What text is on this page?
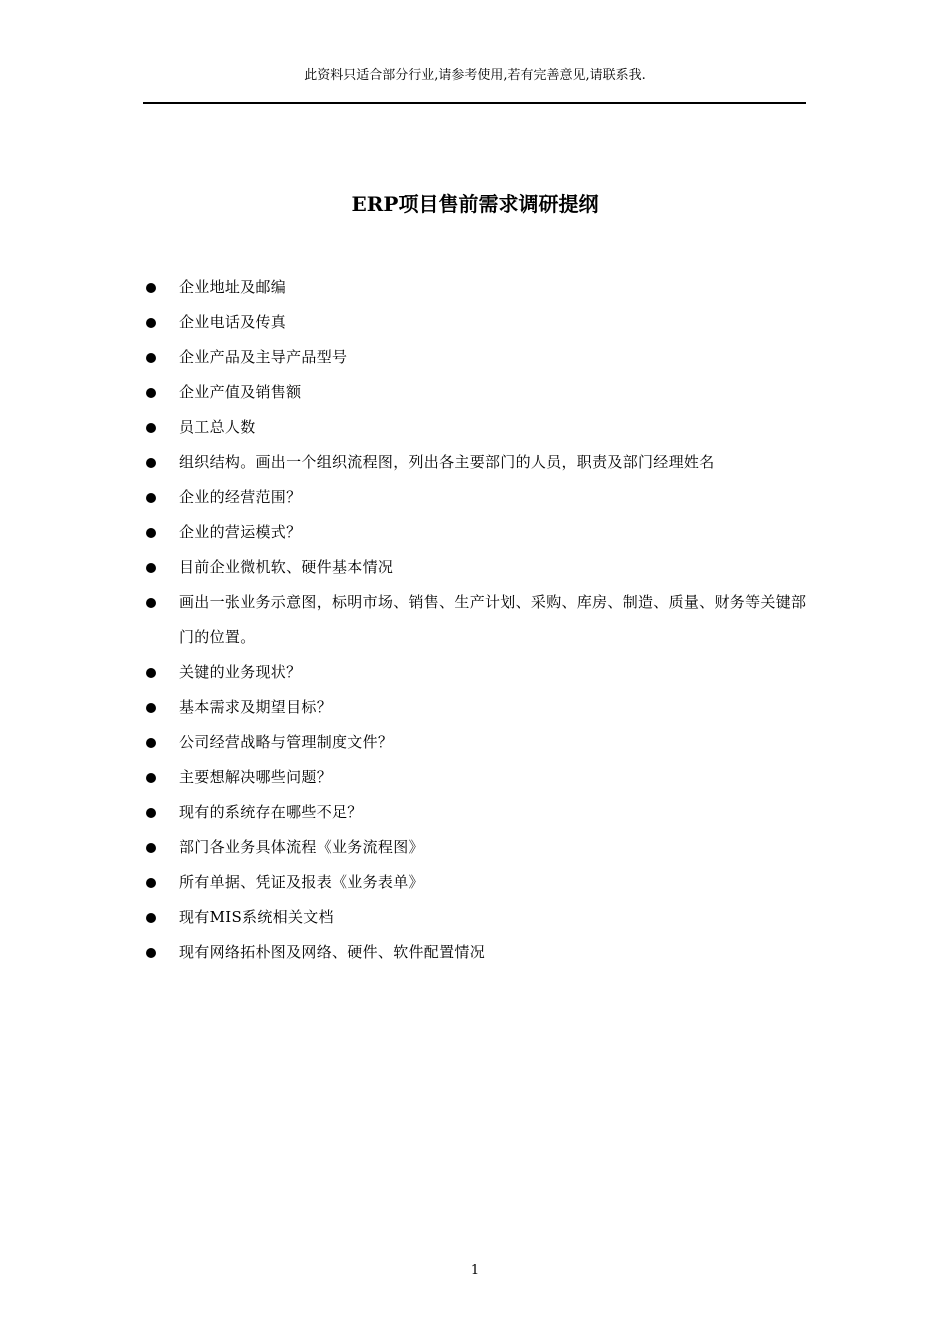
此资料只适合部分行业,请参考使用,若有完善意见,请联系我.
ERP项目售前需求调研提纲
企业地址及邮编
企业电话及传真
企业产品及主导产品型号
企业产值及销售额
员工总人数
组织结构。画出一个组织流程图，列出各主要部门的人员，职责及部门经理姓名
企业的经营范围？
企业的营运模式？
目前企业微机软、硬件基本情况
画出一张业务示意图，标明市场、销售、生产计划、采购、库房、制造、质量、财务等关键部门的位置。
关键的业务现状？
基本需求及期望目标？
公司经营战略与管理制度文件？
主要想解决哪些问题？
现有的系统存在哪些不足？
部门各业务具体流程《业务流程图》
所有单据、凭证及报表《业务表单》
现有MIS系统相关文档
现有网络拓朴图及网络、硬件、软件配置情况
1
